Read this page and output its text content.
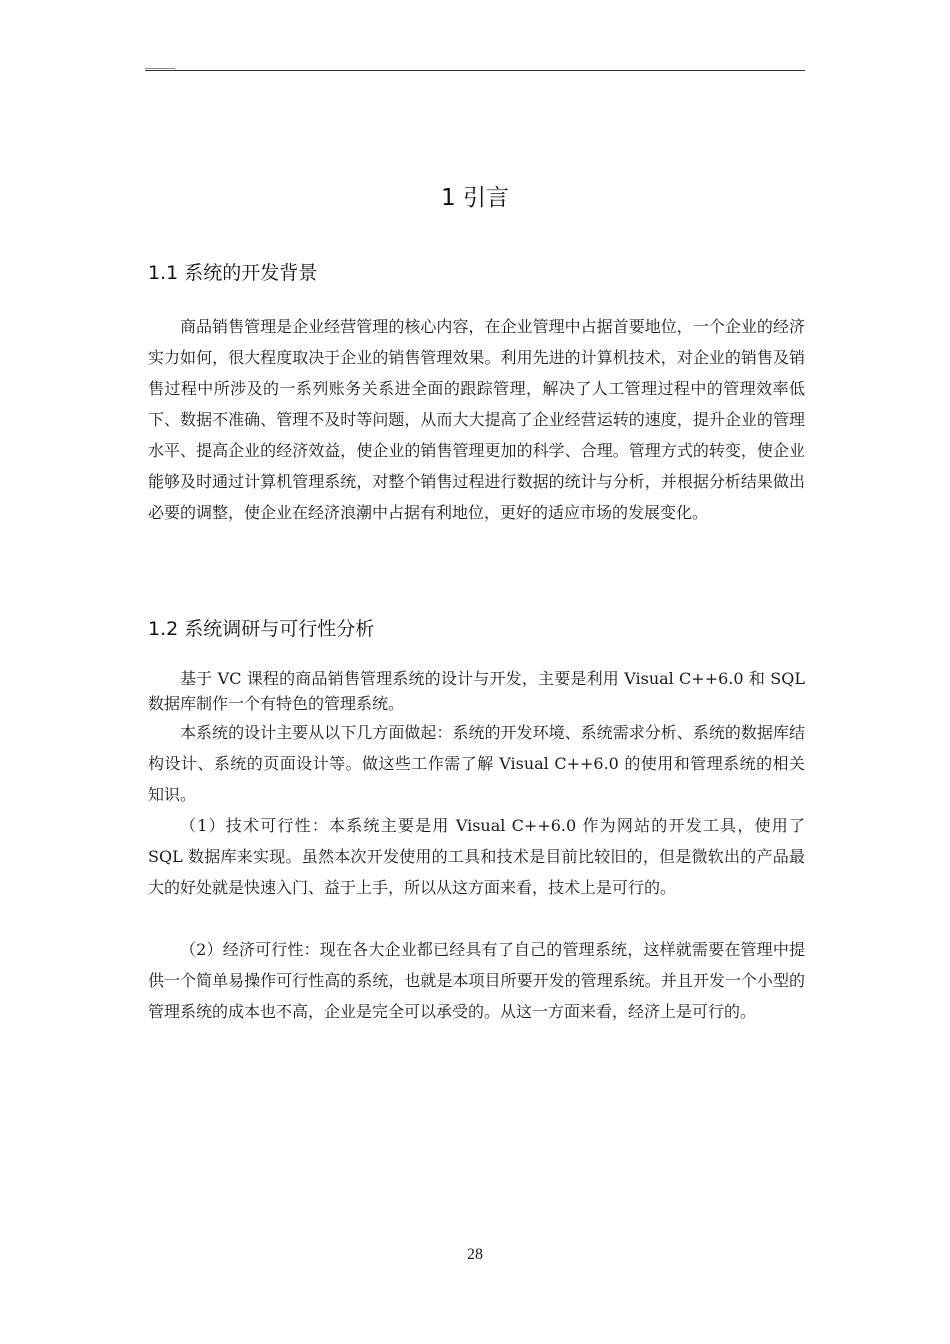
1 引言
1.1 系统的开发背景

商品销售管理是企业经营管理的核心内容，在企业管理中占据首要地位，一个企业的经济实力如何，很大程度取决于企业的销售管理效果。利用先进的计算机技术，对企业的销售及销售过程中所涉及的一系列账务关系进全面的跟踪管理，解决了人工管理过程中的管理效率低下、数据不准确、管理不及时等问题，从而大大提高了企业经营运转的速度，提升企业的管理水平、提高企业的经济效益，使企业的销售管理更加的科学、合理。管理方式的转变，使企业能够及时通过计算机管理系统，对整个销售过程进行数据的统计与分析，并根据分析结果做出必要的调整，使企业在经济浪潮中占据有利地位，更好的适应市场的发展变化。

1.2 系统调研与可行性分析

基于 VC 课程的商品销售管理系统的设计与开发，主要是利用 Visual C++6.0 和 SQL 数据库制作一个有特色的管理系统。

本系统的设计主要从以下几方面做起：系统的开发环境、系统需求分析、系统的数据库结构设计、系统的页面设计等。做这些工作需了解 Visual C++6.0 的使用和管理系统的相关知识。

（1）技术可行性：本系统主要是用 Visual C++6.0 作为网站的开发工具，使用了 SQL 数据库来实现。虽然本次开发使用的工具和技术是目前比较旧的，但是微软出的产品最大的好处就是快速入门、益于上手，所以从这方面来看，技术上是可行的。

（2）经济可行性：现在各大企业都已经具有了自己的管理系统，这样就需要在管理中提供一个简单易操作可行性高的系统，也就是本项目所要开发的管理系统。并且开发一个小型的管理系统的成本也不高，企业是完全可以承受的。从这一方面来看，经济上是可行的。

28
